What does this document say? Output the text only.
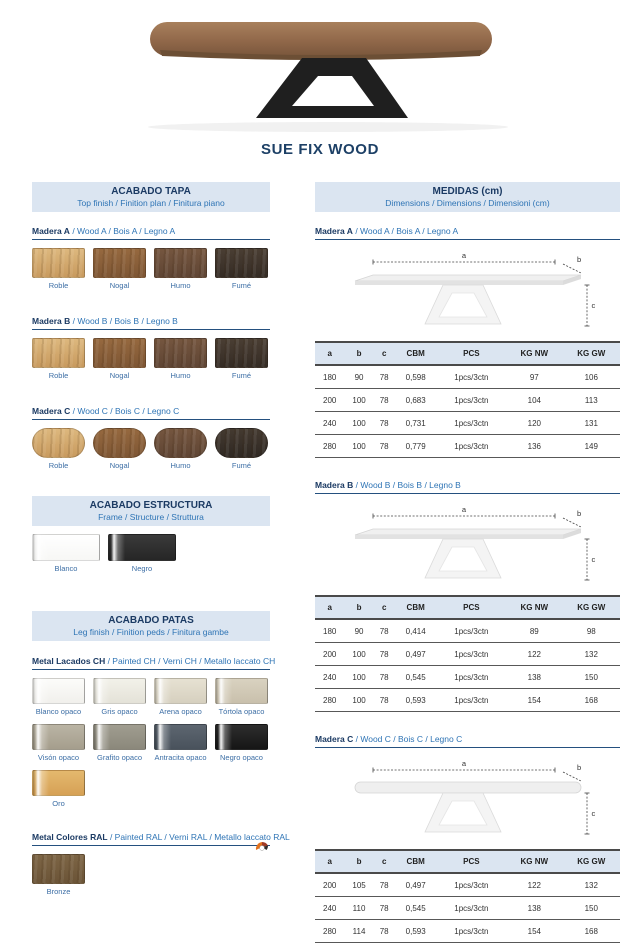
SUE FIX WOOD
ACABADO TAPA
Top finish / Finition plan / Finitura piano
Madera A / Wood A / Bois A / Legno A
Roble	Nogal	Humo	Fumé
Madera B / Wood B / Bois B / Legno B
Roble	Nogal	Humo	Fumé
Madera C / Wood C / Bois C / Legno C
Roble	Nogal	Humo	Fumé
ACABADO ESTRUCTURA
Frame / Structure / Struttura
Blanco	Negro
ACABADO PATAS
Leg finish / Finition peds / Finitura gambe
Metal Lacados CH / Painted CH / Verni CH / Metallo laccato CH
Blanco opaco	Gris opaco	Arena opaco	Tórtola opaco
Visón opaco	Grafito opaco	Antracita opaco	Negro opaco
Oro
Metal Colores RAL / Painted RAL / Verni RAL / Metallo laccato RAL
Bronze
MEDIDAS (cm)
Dimensions / Dimensions / Dimensioni (cm)
Madera A / Wood A / Bois A / Legno A
a	b
c
a	b	c	CBM	PCS	KG NW	KG GW
180	90	78	0,598	1pcs/3ctn	97	106
200	100	78	0,683	1pcs/3ctn	104	113
240	100	78	0,731	1pcs/3ctn	120	131
280	100	78	0,779	1pcs/3ctn	136	149
Madera B / Wood B / Bois B / Legno B
a	b
c
a	b	c	CBM	PCS	KG NW	KG GW
180	90	78	0,414	1pcs/3ctn	89	98
200	100	78	0,497	1pcs/3ctn	122	132
240	100	78	0,545	1pcs/3ctn	138	150
280	100	78	0,593	1pcs/3ctn	154	168
Madera C / Wood C / Bois C / Legno C
a	b
c
a	b	c	CBM	PCS	KG NW	KG GW
200	105	78	0,497	1pcs/3ctn	122	132
240	110	78	0,545	1pcs/3ctn	138	150
280	114	78	0,593	1pcs/3ctn	154	168
